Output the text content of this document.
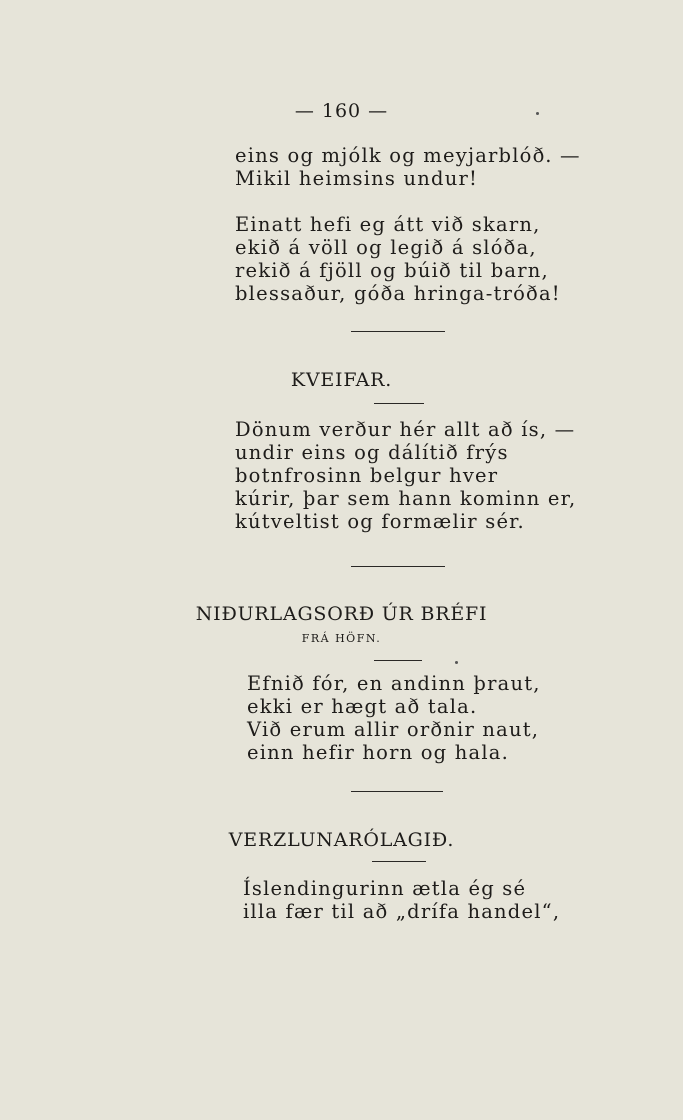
— 160 —
eins og mjólk og meyjarblóð. —
Mikil heimsins undur!
Einatt hefi eg átt við skarn,
ekið á völl og legið á slóða,
rekið á fjöll og búið til barn,
blessaður, góða hringa-tróða!
KVEIFAR.
Dönum verður hér allt að ís, —
undir eins og dálítið frýs
botnfrosinn belgur hver
kúrir, þar sem hann kominn er,
kútveltist og formælir sér.
NIÐURLAGSORÐ ÚR BRÉFI
FRÁ HÖFN.
Efnið fór, en andinn þraut,
ekki er hægt að tala.
Við erum allir orðnir naut,
einn hefir horn og hala.
VERZLUNARÓLAGIÐ.
Íslendingurinn ætla ég sé
illa fær til að „drífa handel“,
